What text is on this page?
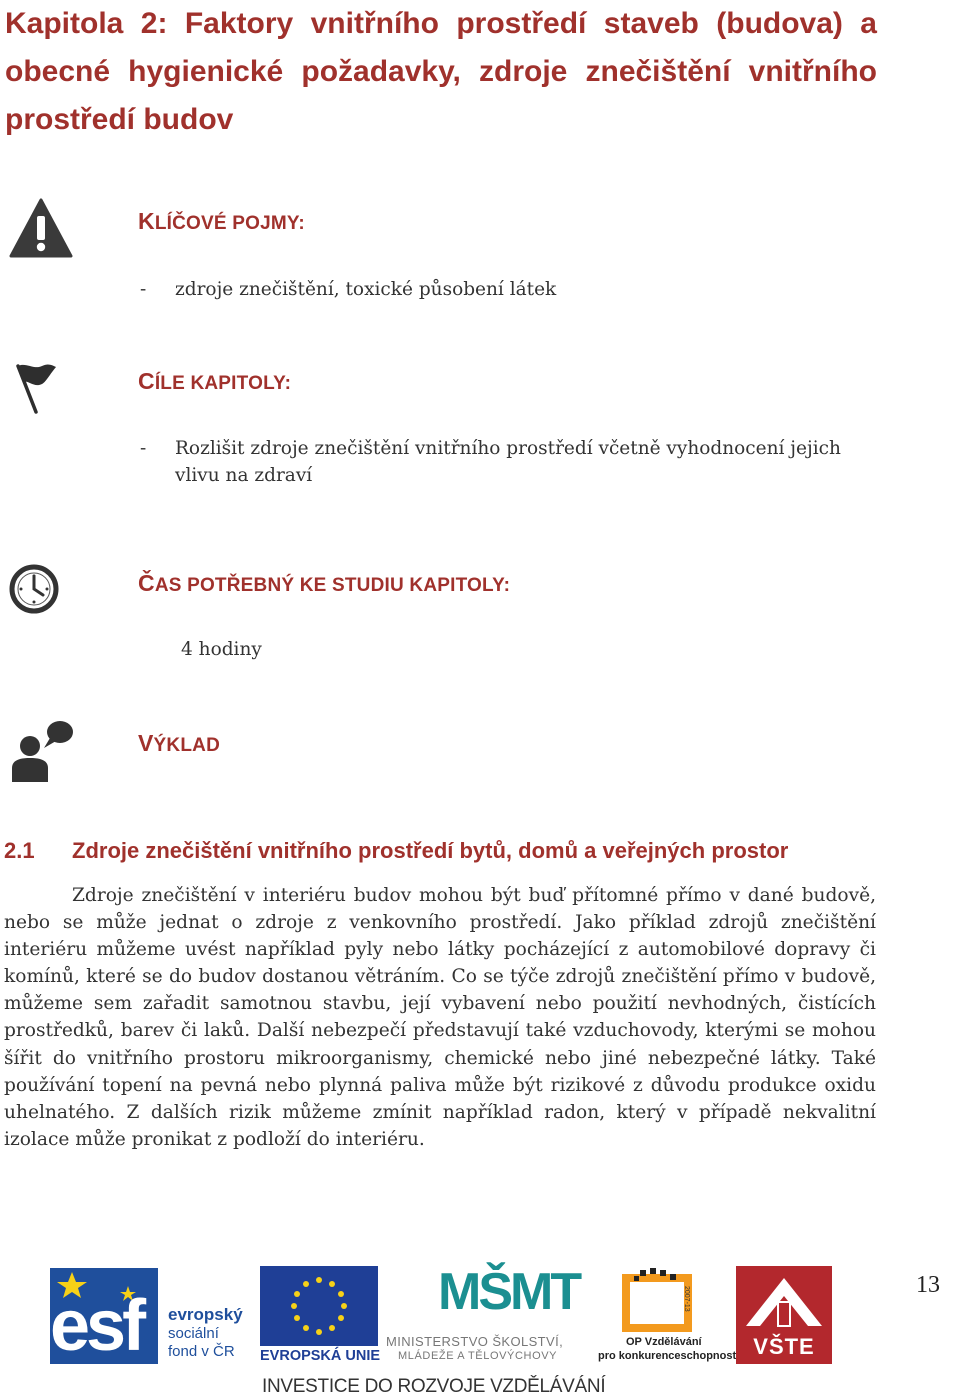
Kapitola 2: Faktory vnitřního prostředí staveb (budova) a obecné hygienické požadavky, zdroje znečištění vnitřního prostředí budov
KLÍČOVÉ POJMY:
- zdroje znečištění, toxické působení látek
CÍLE KAPITOLY:
- Rozlišit zdroje znečištění vnitřního prostředí včetně vyhodnocení jejich vlivu na zdraví
ČAS POTŘEBNÝ KE STUDIU KAPITOLY:
4 hodiny
VÝKLAD
2.1 Zdroje znečištění vnitřního prostředí bytů, domů a veřejných prostor
Zdroje znečištění v interiéru budov mohou být buď přítomné přímo v dané budově, nebo se může jednat o zdroje z venkovního prostředí. Jako příklad zdrojů znečištění interiéru můžeme uvést například pyly nebo látky pocházející z automobilové dopravy či komínů, které se do budov dostanou větráním. Co se týče zdrojů znečištění přímo v budově, můžeme sem zařadit samotnou stavbu, její vybavení nebo použití nevhodných, čistících prostředků, barev či laků. Další nebezpečí představují také vzduchovody, kterými se mohou šířit do vnitřního prostoru mikroorganismy, chemické nebo jiné nebezpečné látky. Také používání topení na pevná nebo plynná paliva může být rizikové z důvodu produkce oxidu uhelnatého. Z dalších rizik můžeme zmínit například radon, který v případě nekvalitní izolace může pronikat z podloží do interiéru.
13
esf evropský
sociální
fond v ČR EVROPSKÁ UNIE
MŠMT
MINISTERSTVO ŠKOLSTVÍ,
MLÁDEŽE A TĚLOVÝCHOVY
2007-13
OP Vzdělávání
pro konkurenceschopnost VŠTE
INVESTICE DO ROZVOJE VZDĚLÁVÁNÍ
